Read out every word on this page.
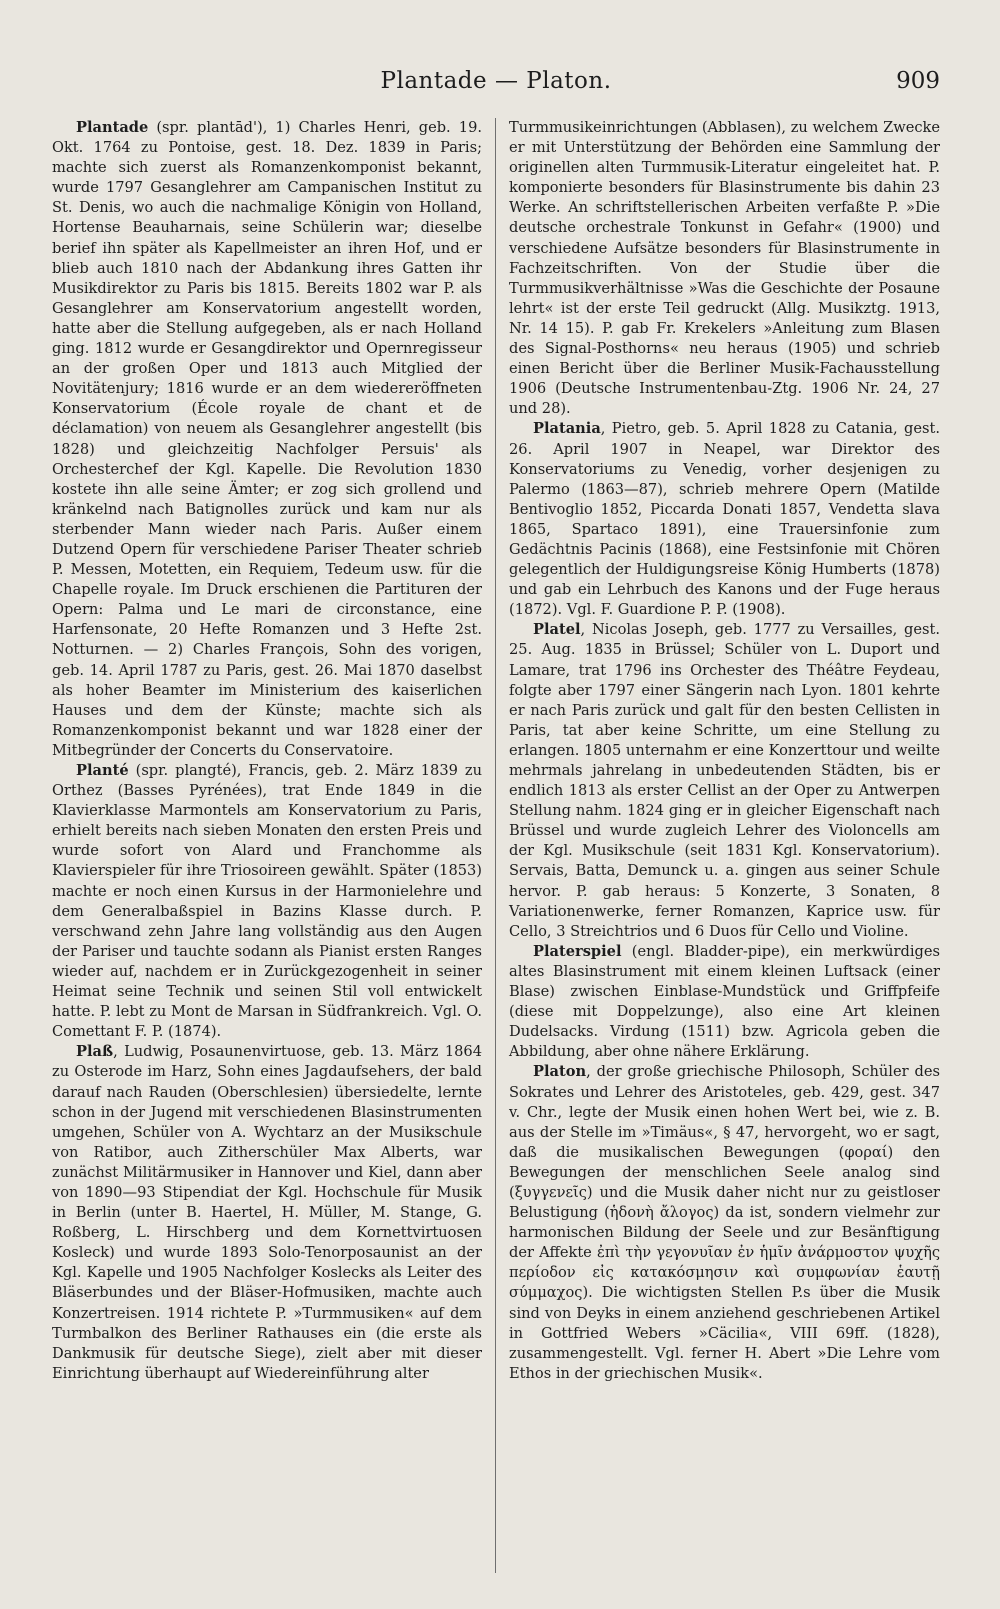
Plantade — Platon.	909

Plantade (spr. plantād'), 1) Charles Henri, geb. 19. Okt. 1764 zu Pontoise, gest. 18. Dez. 1839 in Paris; machte sich zuerst als Romanzenkomponist bekannt, wurde 1797 Gesanglehrer am Campanischen Institut zu St. Denis, wo auch die nachmalige Königin von Holland, Hortense Beauharnais, seine Schülerin war; dieselbe berief ihn später als Kapellmeister an ihren Hof, und er blieb auch 1810 nach der Abdankung ihres Gatten ihr Musikdirektor zu Paris bis 1815. Bereits 1802 war P. als Gesanglehrer am Konservatorium angestellt worden, hatte aber die Stellung aufgegeben, als er nach Holland ging. 1812 wurde er Gesangdirektor und Opernregisseur an der großen Oper und 1813 auch Mitglied der Novitätenjury; 1816 wurde er an dem wiedereröffneten Konservatorium (École royale de chant et de déclamation) von neuem als Gesanglehrer angestellt (bis 1828) und gleichzeitig Nachfolger Persuis' als Orchesterchef der Kgl. Kapelle. Die Revolution 1830 kostete ihn alle seine Ämter; er zog sich grollend und kränkelnd nach Batignolles zurück und kam nur als sterbender Mann wieder nach Paris. Außer einem Dutzend Opern für verschiedene Pariser Theater schrieb P. Messen, Motetten, ein Requiem, Tedeum usw. für die Chapelle royale. Im Druck erschienen die Partituren der Opern: Palma und Le mari de circonstance, eine Harfensonate, 20 Hefte Romanzen und 3 Hefte 2st. Notturnen. — 2) Charles François, Sohn des vorigen, geb. 14. April 1787 zu Paris, gest. 26. Mai 1870 daselbst als hoher Beamter im Ministerium des kaiserlichen Hauses und dem der Künste; machte sich als Romanzenkomponist bekannt und war 1828 einer der Mitbegründer der Concerts du Conservatoire.

Planté (spr. plangté), Francis, geb. 2. März 1839 zu Orthez (Basses Pyrénées), trat Ende 1849 in die Klavierklasse Marmontels am Konservatorium zu Paris, erhielt bereits nach sieben Monaten den ersten Preis und wurde sofort von Alard und Franchomme als Klavierspieler für ihre Triosoireen gewählt. Später (1853) machte er noch einen Kursus in der Harmonielehre und dem Generalbaßspiel in Bazins Klasse durch. P. verschwand zehn Jahre lang vollständig aus den Augen der Pariser und tauchte sodann als Pianist ersten Ranges wieder auf, nachdem er in Zurückgezogenheit in seiner Heimat seine Technik und seinen Stil voll entwickelt hatte. P. lebt zu Mont de Marsan in Südfrankreich. Vgl. O. Comettant F. P. (1874).

Plaß, Ludwig, Posaunenvirtuose, geb. 13. März 1864 zu Osterode im Harz, Sohn eines Jagdaufsehers, der bald darauf nach Rauden (Oberschlesien) übersiedelte, lernte schon in der Jugend mit verschiedenen Blasinstrumenten umgehen, Schüler von A. Wychtarz an der Musikschule von Ratibor, auch Zitherschüler Max Alberts, war zunächst Militärmusiker in Hannover und Kiel, dann aber von 1890—93 Stipendiat der Kgl. Hochschule für Musik in Berlin (unter B. Haertel, H. Müller, M. Stange, G. Roßberg, L. Hirschberg und dem Kornettvirtuosen Kosleck) und wurde 1893 Solo-Tenorposaunist an der Kgl. Kapelle und 1905 Nachfolger Koslecks als Leiter des Bläserbundes und der Bläser-Hofmusiken, machte auch Konzertreisen. 1914 richtete P. »Turmmusiken« auf dem Turmbalkon des Berliner Rathauses ein (die erste als Dankmusik für deutsche Siege), zielt aber mit dieser Einrichtung überhaupt auf Wiedereinführung alter

Turmmusikeinrichtungen (Abblasen), zu welchem Zwecke er mit Unterstützung der Behörden eine Sammlung der originellen alten Turmmusik-Literatur eingeleitet hat. P. komponierte besonders für Blasinstrumente bis dahin 23 Werke. An schriftstellerischen Arbeiten verfaßte P. »Die deutsche orchestrale Tonkunst in Gefahr« (1900) und verschiedene Aufsätze besonders für Blasinstrumente in Fachzeitschriften. Von der Studie über die Turmmusikverhältnisse »Was die Geschichte der Posaune lehrt« ist der erste Teil gedruckt (Allg. Musikztg. 1913, Nr. 14 15). P. gab Fr. Krekelers »Anleitung zum Blasen des Signal-Posthorns« neu heraus (1905) und schrieb einen Bericht über die Berliner Musik-Fachausstellung 1906 (Deutsche Instrumentenbau-Ztg. 1906 Nr. 24, 27 und 28).

Platania, Pietro, geb. 5. April 1828 zu Catania, gest. 26. April 1907 in Neapel, war Direktor des Konservatoriums zu Venedig, vorher desjenigen zu Palermo (1863—87), schrieb mehrere Opern (Matilde Bentivoglio 1852, Piccarda Donati 1857, Vendetta slava 1865, Spartaco 1891), eine Trauersinfonie zum Gedächtnis Pacinis (1868), eine Festsinfonie mit Chören gelegentlich der Huldigungsreise König Humberts (1878) und gab ein Lehrbuch des Kanons und der Fuge heraus (1872). Vgl. F. Guardione P. P. (1908).

Platel, Nicolas Joseph, geb. 1777 zu Versailles, gest. 25. Aug. 1835 in Brüssel; Schüler von L. Duport und Lamare, trat 1796 ins Orchester des Théâtre Feydeau, folgte aber 1797 einer Sängerin nach Lyon. 1801 kehrte er nach Paris zurück und galt für den besten Cellisten in Paris, tat aber keine Schritte, um eine Stellung zu erlangen. 1805 unternahm er eine Konzerttour und weilte mehrmals jahrelang in unbedeutenden Städten, bis er endlich 1813 als erster Cellist an der Oper zu Antwerpen Stellung nahm. 1824 ging er in gleicher Eigenschaft nach Brüssel und wurde zugleich Lehrer des Violoncells am der Kgl. Musikschule (seit 1831 Kgl. Konservatorium). Servais, Batta, Demunck u. a. gingen aus seiner Schule hervor. P. gab heraus: 5 Konzerte, 3 Sonaten, 8 Variationenwerke, ferner Romanzen, Kaprice usw. für Cello, 3 Streichtrios und 6 Duos für Cello und Violine.

Platerspiel (engl. Bladder-pipe), ein merkwürdiges altes Blasinstrument mit einem kleinen Luftsack (einer Blase) zwischen Einblase-Mundstück und Griffpfeife (diese mit Doppelzunge), also eine Art kleinen Dudelsacks. Virdung (1511) bzw. Agricola geben die Abbildung, aber ohne nähere Erklärung.

Platon, der große griechische Philosoph, Schüler des Sokrates und Lehrer des Aristoteles, geb. 429, gest. 347 v. Chr., legte der Musik einen hohen Wert bei, wie z. B. aus der Stelle im »Timäus«, § 47, hervorgeht, wo er sagt, daß die musikalischen Bewegungen (φοραί) den Bewegungen der menschlichen Seele analog sind (ξυγγενεῖς) und die Musik daher nicht nur zu geistloser Belustigung (ἡδονὴ ἄλογος) da ist, sondern vielmehr zur harmonischen Bildung der Seele und zur Besänftigung der Affekte ἐπὶ τὴν γεγονυῖαν ἐν ἡμῖν ἀνάρμοστον ψυχῆς περίοδον εἰς κατακόσμησιν καὶ συμφωνίαν ἑαυτῇ σύμμαχος). Die wichtigsten Stellen P.s über die Musik sind von Deyks in einem anziehend geschriebenen Artikel in Gottfried Webers »Cäcilia«, VIII 69ff. (1828), zusammengestellt. Vgl. ferner H. Abert »Die Lehre vom Ethos in der griechischen Musik«.
